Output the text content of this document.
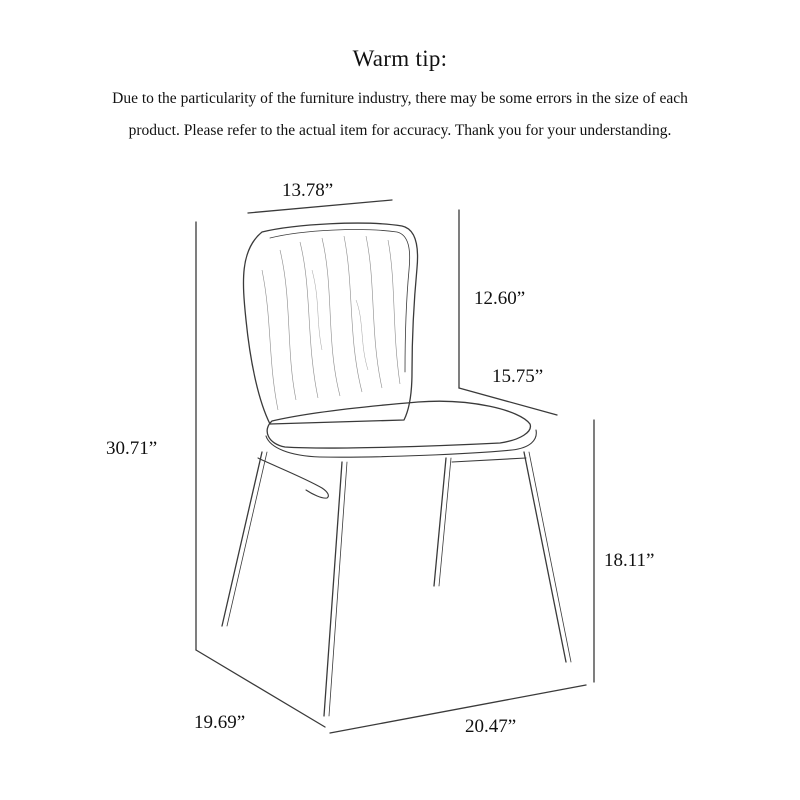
Warm tip:
Due to the particularity of the furniture industry, there may be some errors in the size of each
product. Please refer to the actual item for accuracy. Thank you for your understanding.
13.78”
12.60”
15.75”
30.71”
18.11”
19.69”	20.47”
